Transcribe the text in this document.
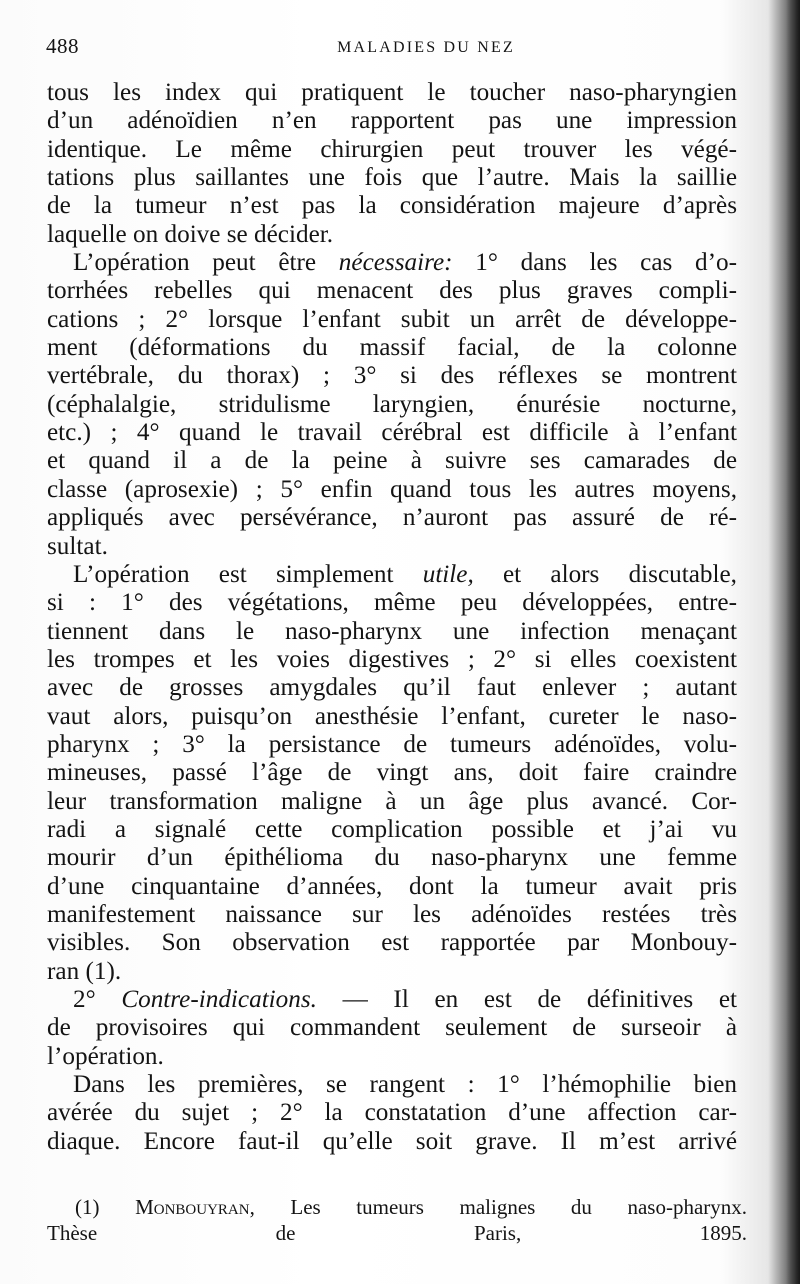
488	MALADIES DU NEZ
tous les index qui pratiquent le toucher naso-pharyngien
d’un adénoïdien n’en rapportent pas une impression
identique. Le même chirurgien peut trouver les végé-
tations plus saillantes une fois que l’autre. Mais la saillie
de la tumeur n’est pas la considération majeure d’après
laquelle on doive se décider.
L’opération peut être nécessaire: 1° dans les cas d’o-
torrhées rebelles qui menacent des plus graves compli-
cations ; 2° lorsque l’enfant subit un arrêt de développe-
ment (déformations du massif facial, de la colonne
vertébrale, du thorax) ; 3° si des réflexes se montrent
(céphalalgie, stridulisme laryngien, énurésie nocturne,
etc.) ; 4° quand le travail cérébral est difficile à l’enfant
et quand il a de la peine à suivre ses camarades de
classe (aprosexie) ; 5° enfin quand tous les autres moyens,
appliqués avec persévérance, n’auront pas assuré de ré-
sultat.
L’opération est simplement utile, et alors discutable,
si : 1° des végétations, même peu développées, entre-
tiennent dans le naso-pharynx une infection menaçant
les trompes et les voies digestives ; 2° si elles coexistent
avec de grosses amygdales qu’il faut enlever ; autant
vaut alors, puisqu’on anesthésie l’enfant, cureter le naso-
pharynx ; 3° la persistance de tumeurs adénoïdes, volu-
mineuses, passé l’âge de vingt ans, doit faire craindre
leur transformation maligne à un âge plus avancé. Cor-
radi a signalé cette complication possible et j’ai vu
mourir d’un épithélioma du naso-pharynx une femme
d’une cinquantaine d’années, dont la tumeur avait pris
manifestement naissance sur les adénoïdes restées très
visibles. Son observation est rapportée par Monbouy-
ran (1).
2° Contre-indications. — Il en est de définitives et
de provisoires qui commandent seulement de surseoir à
l’opération.
Dans les premières, se rangent : 1° l’hémophilie bien
avérée du sujet ; 2° la constatation d’une affection car-
diaque. Encore faut-il qu’elle soit grave. Il m’est arrivé
(1) Monbouyran, Les tumeurs malignes du naso-pharynx.
Thèse de Paris, 1895.
